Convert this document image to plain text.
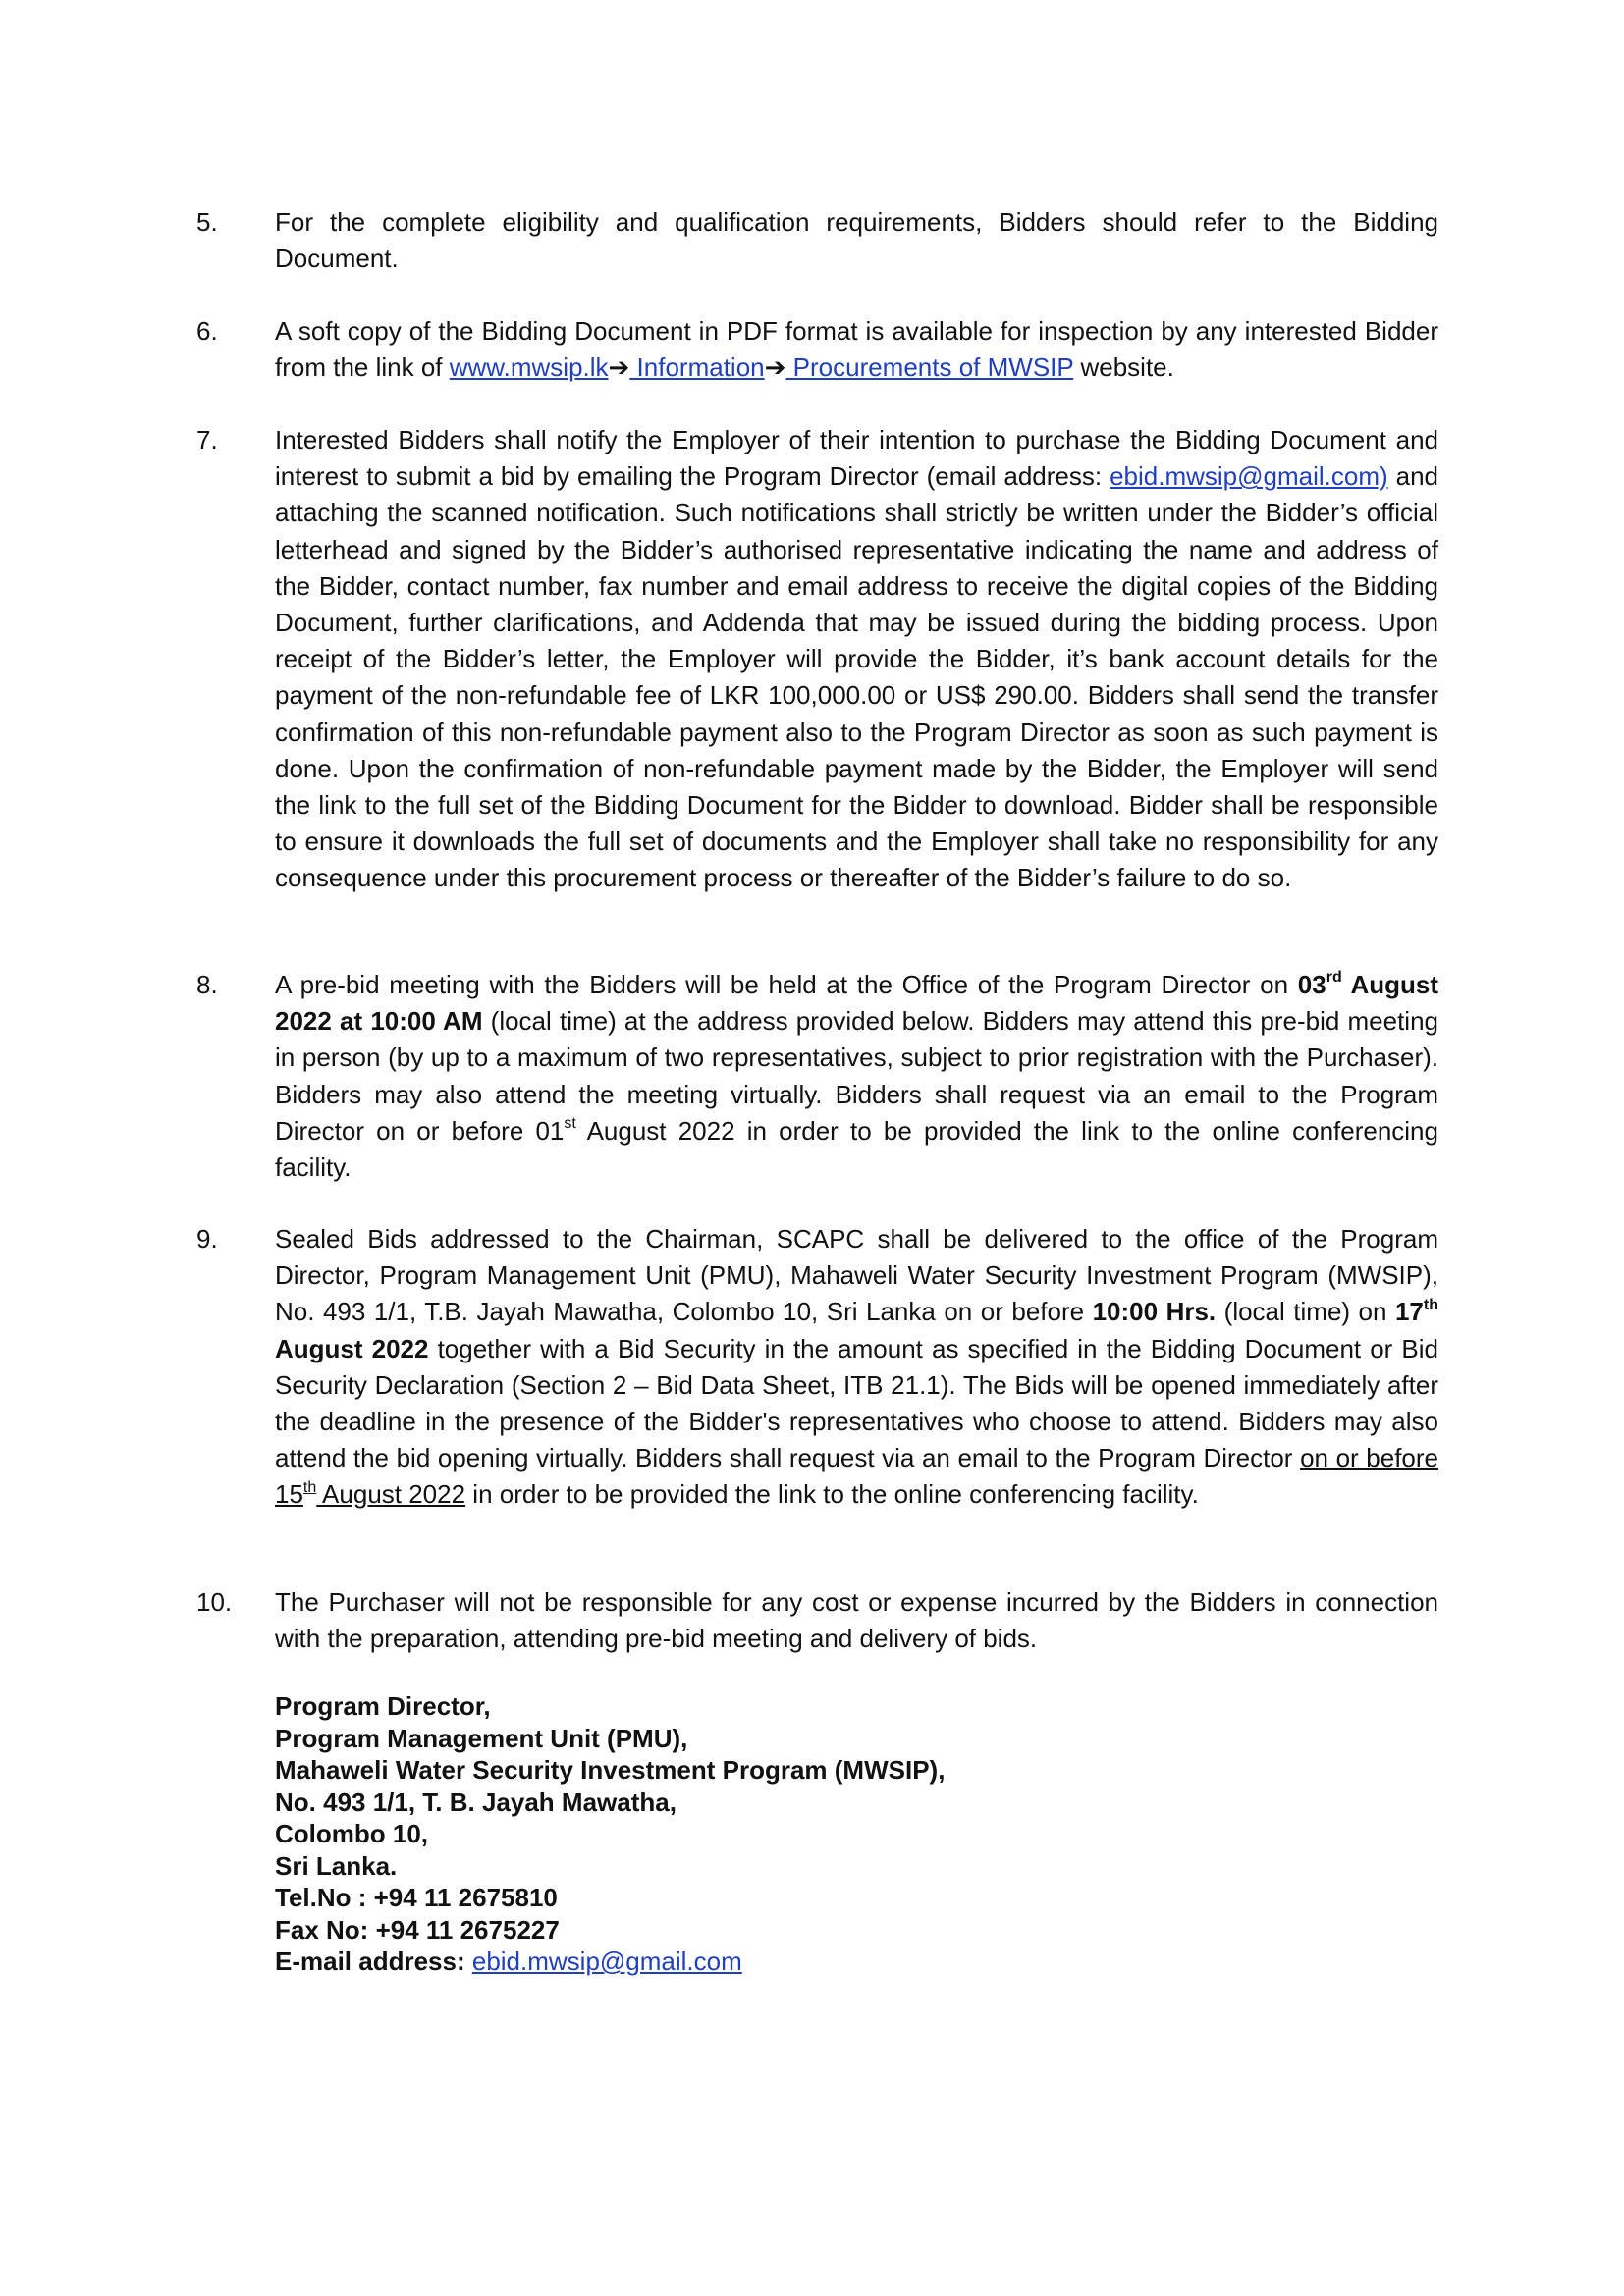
5.	For the complete eligibility and qualification requirements, Bidders should refer to the Bidding Document.
6.	A soft copy of the Bidding Document in PDF format is available for inspection by any interested Bidder from the link of www.mwsip.lk➔ Information➔ Procurements of MWSIP website.
7.	Interested Bidders shall notify the Employer of their intention to purchase the Bidding Document and interest to submit a bid by emailing the Program Director (email address: ebid.mwsip@gmail.com) and attaching the scanned notification. Such notifications shall strictly be written under the Bidder’s official letterhead and signed by the Bidder’s authorised representative indicating the name and address of the Bidder, contact number, fax number and email address to receive the digital copies of the Bidding Document, further clarifications, and Addenda that may be issued during the bidding process. Upon receipt of the Bidder’s letter, the Employer will provide the Bidder, it’s bank account details for the payment of the non-refundable fee of LKR 100,000.00 or US$ 290.00. Bidders shall send the transfer confirmation of this non-refundable payment also to the Program Director as soon as such payment is done. Upon the confirmation of non-refundable payment made by the Bidder, the Employer will send the link to the full set of the Bidding Document for the Bidder to download. Bidder shall be responsible to ensure it downloads the full set of documents and the Employer shall take no responsibility for any consequence under this procurement process or thereafter of the Bidder’s failure to do so.
8.	A pre-bid meeting with the Bidders will be held at the Office of the Program Director on 03rd August 2022 at 10:00 AM (local time) at the address provided below. Bidders may attend this pre-bid meeting in person (by up to a maximum of two representatives, subject to prior registration with the Purchaser). Bidders may also attend the meeting virtually. Bidders shall request via an email to the Program Director on or before 01st August 2022 in order to be provided the link to the online conferencing facility.
9.	Sealed Bids addressed to the Chairman, SCAPC shall be delivered to the office of the Program Director, Program Management Unit (PMU), Mahaweli Water Security Investment Program (MWSIP), No. 493 1/1, T.B. Jayah Mawatha, Colombo 10, Sri Lanka on or before 10:00 Hrs. (local time) on 17th August 2022 together with a Bid Security in the amount as specified in the Bidding Document or Bid Security Declaration (Section 2 – Bid Data Sheet, ITB 21.1). The Bids will be opened immediately after the deadline in the presence of the Bidder's representatives who choose to attend. Bidders may also attend the bid opening virtually. Bidders shall request via an email to the Program Director on or before 15th August 2022 in order to be provided the link to the online conferencing facility.
10.	The Purchaser will not be responsible for any cost or expense incurred by the Bidders in connection with the preparation, attending pre-bid meeting and delivery of bids.
Program Director,
Program Management Unit (PMU),
Mahaweli Water Security Investment Program (MWSIP),
No. 493 1/1, T. B. Jayah Mawatha,
Colombo 10,
Sri Lanka.
Tel.No : +94 11 2675810
Fax No: +94 11 2675227
E-mail address: ebid.mwsip@gmail.com
